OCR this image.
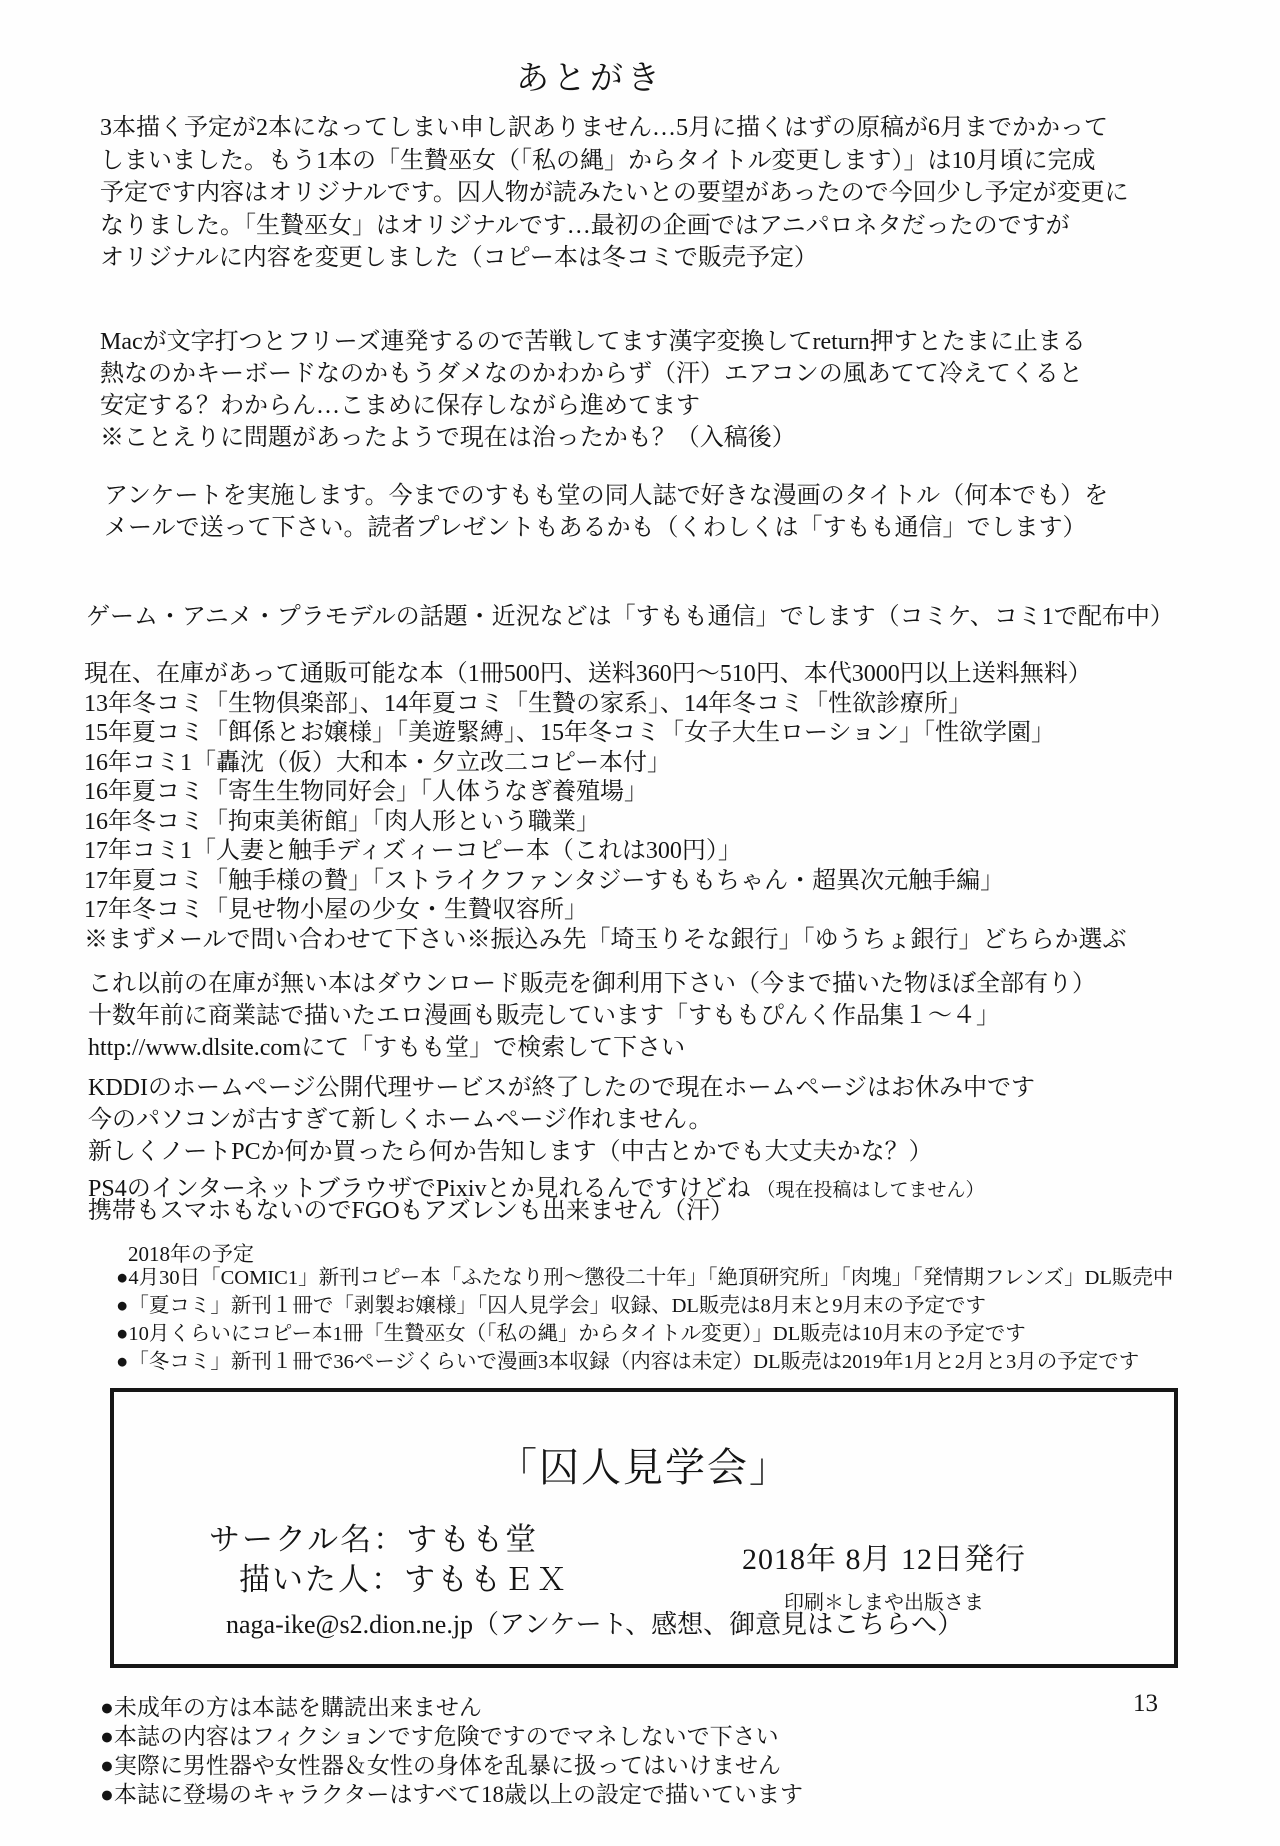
あとがき
3本描く予定が2本になってしまい申し訳ありません…5月に描くはずの原稿が6月までかかって
しまいました。もう1本の「生贄巫女（「私の縄」からタイトル変更します）」は10月頃に完成
予定です内容はオリジナルです。囚人物が読みたいとの要望があったので今回少し予定が変更に
なりました。「生贄巫女」はオリジナルです…最初の企画ではアニパロネタだったのですが
オリジナルに内容を変更しました（コピー本は冬コミで販売予定）
Macが文字打つとフリーズ連発するので苦戦してます漢字変換してreturn押すとたまに止まる
熱なのかキーボードなのかもうダメなのかわからず（汗）エアコンの風あてて冷えてくると
安定する？わからん…こまめに保存しながら進めてます
※ことえりに問題があったようで現在は治ったかも？（入稿後）
アンケートを実施します。今までのすもも堂の同人誌で好きな漫画のタイトル（何本でも）を
メールで送って下さい。読者プレゼントもあるかも（くわしくは「すもも通信」でします）
ゲーム・アニメ・プラモデルの話題・近況などは「すもも通信」でします（コミケ、コミ1で配布中）
現在、在庫があって通販可能な本（1冊500円、送料360円〜510円、本代3000円以上送料無料）
13年冬コミ「生物倶楽部」、14年夏コミ「生贄の家系」、14年冬コミ「性欲診療所」
15年夏コミ「餌係とお嬢様」「美遊緊縛」、15年冬コミ「女子大生ローション」「性欲学園」
16年コミ1「轟沈（仮）大和本・夕立改二コピー本付」
16年夏コミ「寄生生物同好会」「人体うなぎ養殖場」
16年冬コミ「拘束美術館」「肉人形という職業」
17年コミ1「人妻と触手ディズィーコピー本（これは300円）」
17年夏コミ「触手様の贄」「ストライクファンタジーすももちゃん・超異次元触手編」
17年冬コミ「見せ物小屋の少女・生贄収容所」
※まずメールで問い合わせて下さい※振込み先「埼玉りそな銀行」「ゆうちょ銀行」どちらか選ぶ
これ以前の在庫が無い本はダウンロード販売を御利用下さい（今まで描いた物ほぼ全部有り）
十数年前に商業誌で描いたエロ漫画も販売しています「すももぴんく作品集１〜４」
http://www.dlsite.comにて「すもも堂」で検索して下さい
KDDIのホームページ公開代理サービスが終了したので現在ホームページはお休み中です
今のパソコンが古すぎて新しくホームページ作れません。
新しくノートPCか何か買ったら何か告知します（中古とかでも大丈夫かな？）
PS4のインターネットブラウザでPixivとか見れるんですけどね （現在投稿はしてません）
携帯もスマホもないのでFGOもアズレンも出来ません（汗）
2018年の予定
●4月30日「COMIC1」新刊コピー本「ふたなり刑〜懲役二十年」「絶頂研究所」「肉塊」「発情期フレンズ」DL販売中
●「夏コミ」新刊１冊で「剥製お嬢様」「囚人見学会」収録、DL販売は8月末と9月末の予定です
●10月くらいにコピー本1冊「生贄巫女（「私の縄」からタイトル変更）」DL販売は10月末の予定です
●「冬コミ」新刊１冊で36ページくらいで漫画3本収録（内容は未定）DL販売は2019年1月と2月と3月の予定です
「囚人見学会」
サークル名：すもも堂
描いた人：すももＥＸ
2018年 8月 12日発行
印刷＊しまや出版さま
naga-ike@s2.dion.ne.jp（アンケート、感想、御意見はこちらへ）
13
●未成年の方は本誌を購読出来ません
●本誌の内容はフィクションです危険ですのでマネしないで下さい
●実際に男性器や女性器＆女性の身体を乱暴に扱ってはいけません
●本誌に登場のキャラクターはすべて18歳以上の設定で描いています
